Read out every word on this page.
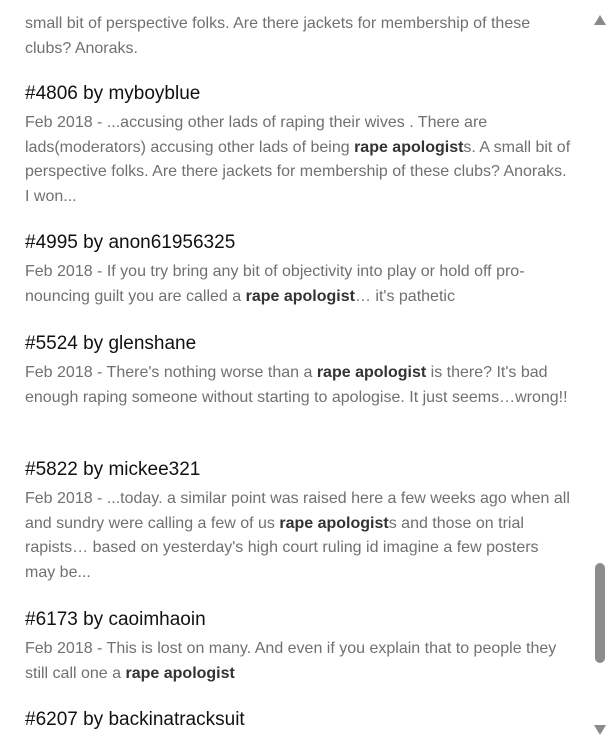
small bit of perspective folks. Are there jackets for membership of these clubs? Anoraks.

#4806 by myboyblue

Feb 2018 - ...accusing other lads of raping their wives . There are lads(moderators) accusing other lads of being rape apologists. A small bit of perspective folks. Are there jackets for membership of these clubs? Anoraks. I won...

#4995 by anon61956325

Feb 2018 - If you try bring any bit of objectivity into play or hold off pronouncing guilt you are called a rape apologist… it's pathetic

#5524 by glenshane

Feb 2018 - There's nothing worse than a rape apologist is there? It's bad enough raping someone without starting to apologise. It just seems…wrong!!

#5822 by mickee321

Feb 2018 - ...today. a similar point was raised here a few weeks ago when all and sundry were calling a few of us rape apologists and those on trial rapists… based on yesterday's high court ruling id imagine a few posters may be...

#6173 by caoimhaoin

Feb 2018 - This is lost on many. And even if you explain that to people they still call one a rape apologist

#6207 by backinatracksuit
